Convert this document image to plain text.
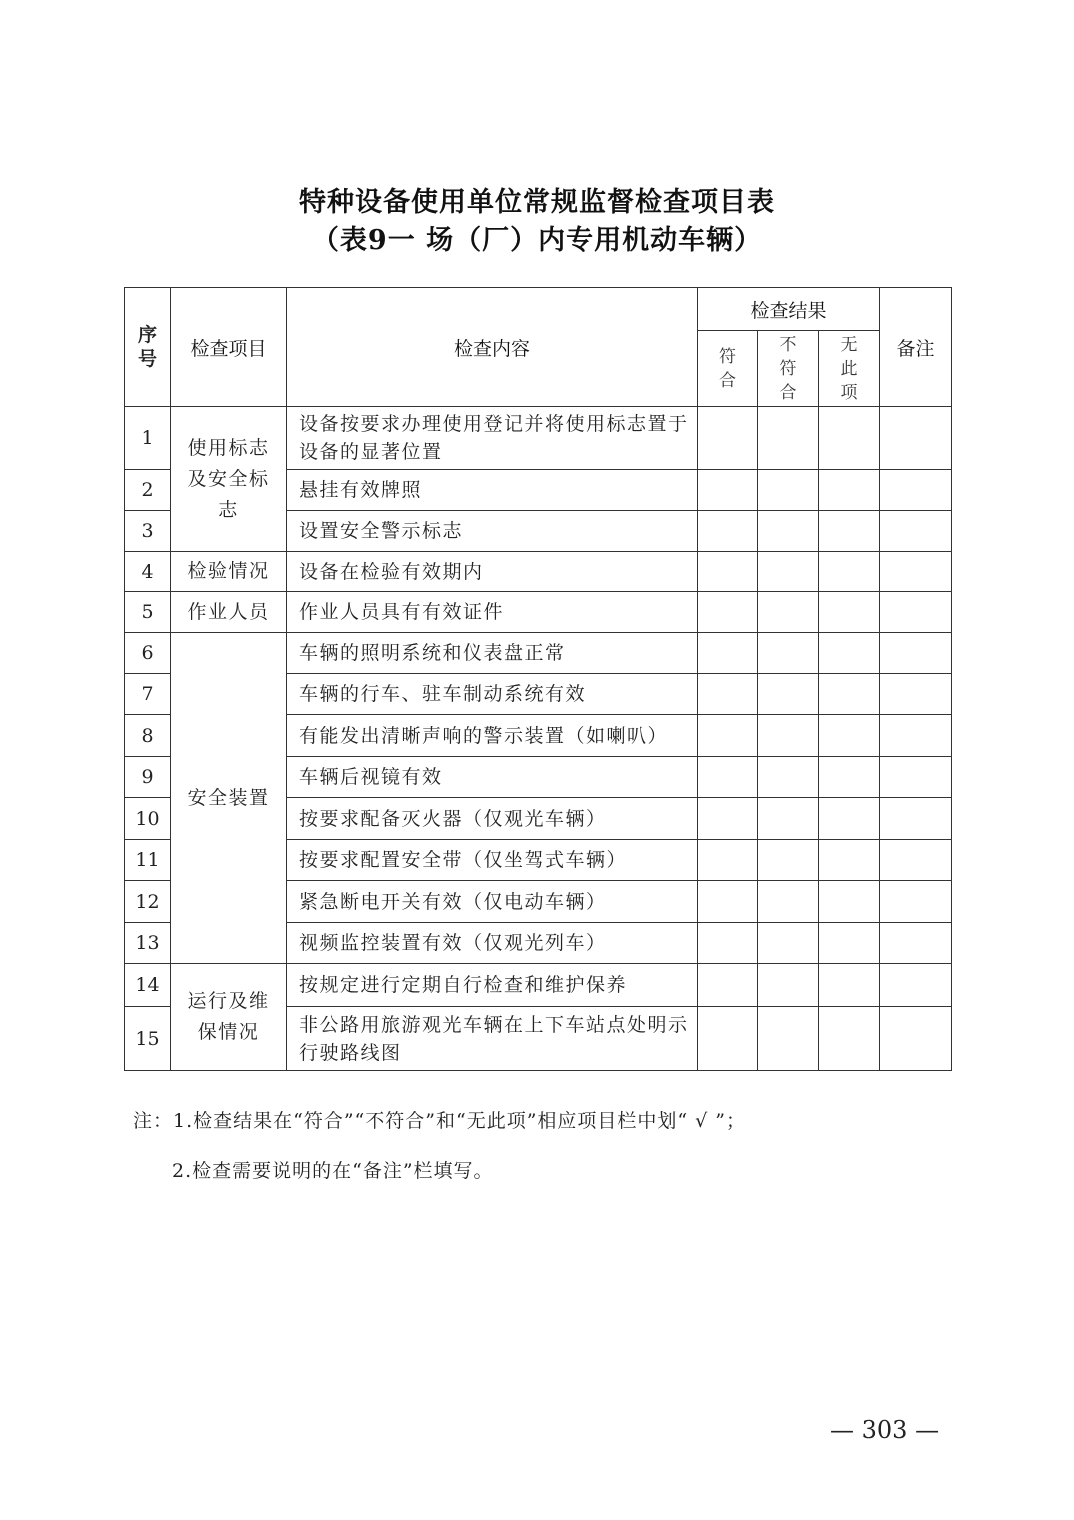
特种设备使用单位常规监督检查项目表
（表9一 场（厂）内专用机动车辆）
序号	检查项目	检查内容	检查结果			备注
			符合	不符合	无此项	
1	使用标志及安全标志	设备按要求办理使用登记并将使用标志置于设备的显著位置				
2		悬挂有效牌照				
3		设置安全警示标志				
4	检验情况	设备在检验有效期内				
5	作业人员	作业人员具有有效证件				
6	安全装置	车辆的照明系统和仪表盘正常				
7		车辆的行车、驻车制动系统有效				
8		有能发出清晰声响的警示装置（如喇叭）				
9		车辆后视镜有效				
10		按要求配备灭火器（仅观光车辆）				
11		按要求配置安全带（仅坐驾式车辆）				
12		紧急断电开关有效（仅电动车辆）				
13		视频监控装置有效（仅观光列车）				
14	运行及维保情况	按规定进行定期自行检查和维护保养				
15		非公路用旅游观光车辆在上下车站点处明示行驶路线图				
注：1.检查结果在“符合”“不符合”和“无此项”相应项目栏中划“ √ ”；
2.检查需要说明的在“备注”栏填写。
— 303 —
